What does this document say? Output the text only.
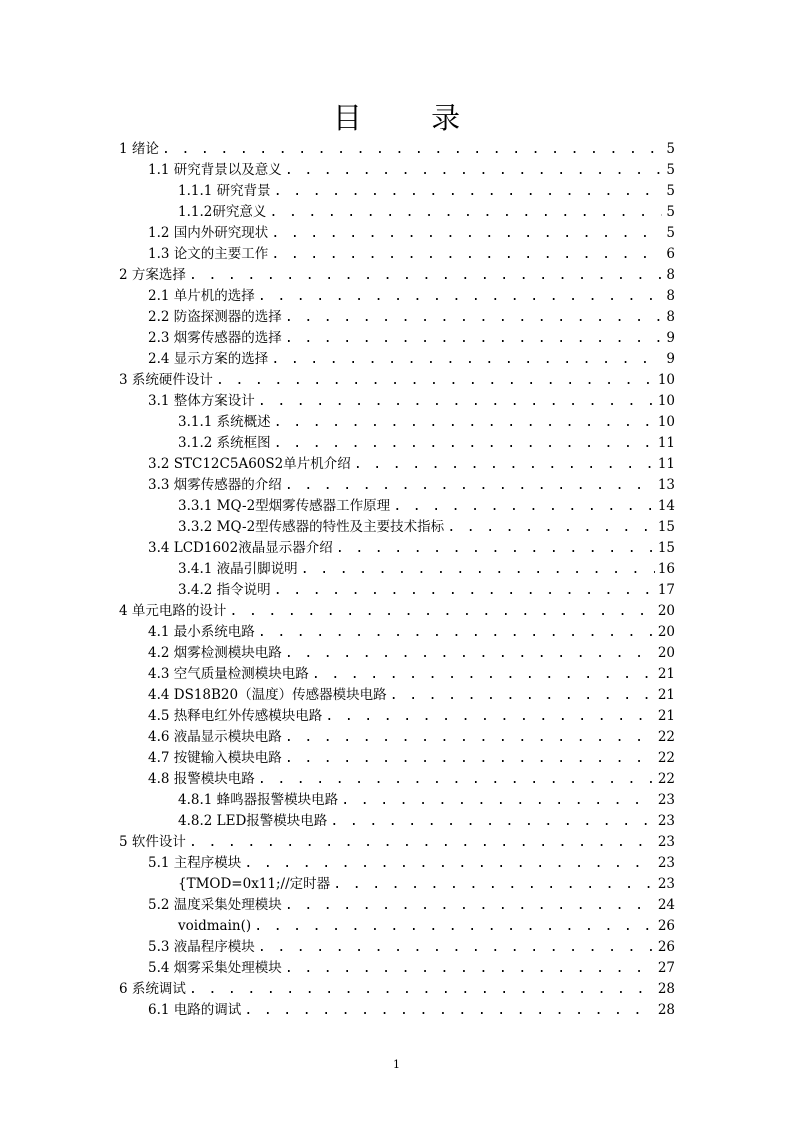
目 录
1 绪论 . . .	5
1.1 研究背景以及意义 . . .	5
1.1.1 研究背景 . . .	5
1.1.2研究意义 . . .	5
1.2 国内外研究现状 . . .	5
1.3 论文的主要工作 . . .	6
2 方案选择 . . .	8
2.1 单片机的选择 . . .	8
2.2 防盗探测器的选择 . . .	8
2.3 烟雾传感器的选择 . . .	9
2.4 显示方案的选择 . . .	9
3 系统硬件设计 . . .	10
3.1 整体方案设计 . . .	10
3.1.1 系统概述 . . .	10
3.1.2 系统框图 . . .	11
3.2 STC12C5A60S2单片机介绍 . . .	11
3.3 烟雾传感器的介绍 . . .	13
3.3.1 MQ-2型烟雾传感器工作原理 . . .	14
3.3.2 MQ-2型传感器的特性及主要技术指标 . . .	15
3.4 LCD1602液晶显示器介绍 . . .	15
3.4.1 液晶引脚说明 . . .	16
3.4.2 指令说明 . . .	17
4 单元电路的设计 . . .	20
4.1 最小系统电路 . . .	20
4.2 烟雾检测模块电路 . . .	20
4.3 空气质量检测模块电路 . . .	21
4.4 DS18B20（温度）传感器模块电路 . . .	21
4.5 热释电红外传感模块电路 . . .	21
4.6 液晶显示模块电路 . . .	22
4.7 按键输入模块电路 . . .	22
4.8 报警模块电路 . . .	22
4.8.1 蜂鸣器报警模块电路 . . .	23
4.8.2 LED报警模块电路 . . .	23
5 软件设计 . . .	23
5.1 主程序模块 . . .	23
{TMOD=0x11;//定时器 . . .	23
5.2 温度采集处理模块 . . .	24
voidmain() . . .	26
5.3 液晶程序模块 . . .	26
5.4 烟雾采集处理模块 . . .	27
6 系统调试 . . .	28
6.1 电路的调试 . . .	28
1
